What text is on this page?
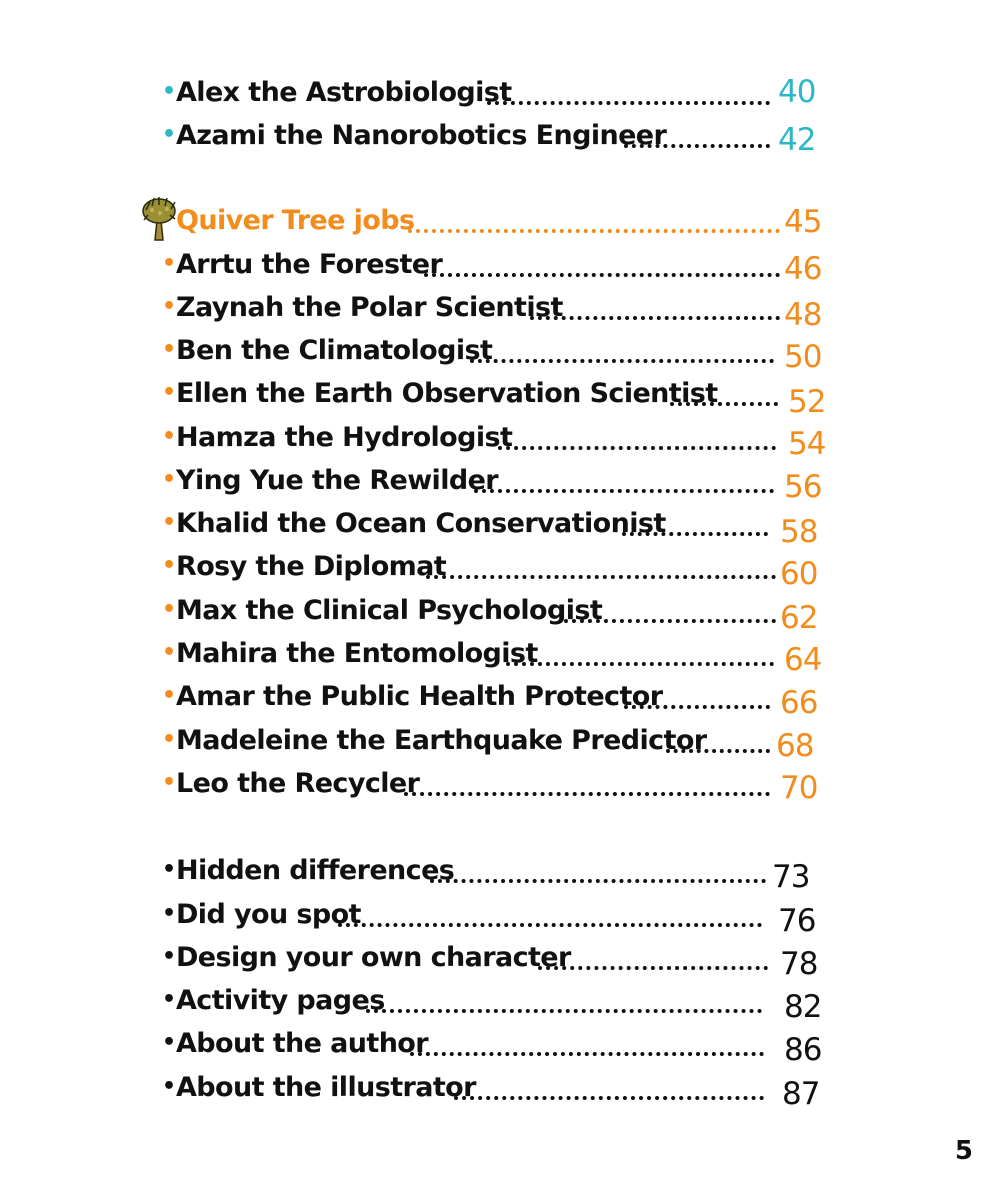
• Alex the Astrobiologist	40
• Azami the Nanorobotics Engineer	42
Quiver Tree jobs	45
• Arrtu the Forester	46
• Zaynah the Polar Scientist	48
• Ben the Climatologist	50
• Ellen the Earth Observation Scientist 52
• Hamza the Hydrologist	54
• Ying Yue the Rewilder	56
• Khalid the Ocean Conservationist	58
• Rosy the Diplomat	60
• Max the Clinical Psychologist	62
• Mahira the Entomologist	64
• Amar the Public Health Protector	66
• Madeleine the Earthquake Predictor 68
• Leo the Recycler	70
• Hidden differences	73
• Did you spot	76
• Design your own character	78
• Activity pages	82
• About the author	86
• About the illustrator	87
5
